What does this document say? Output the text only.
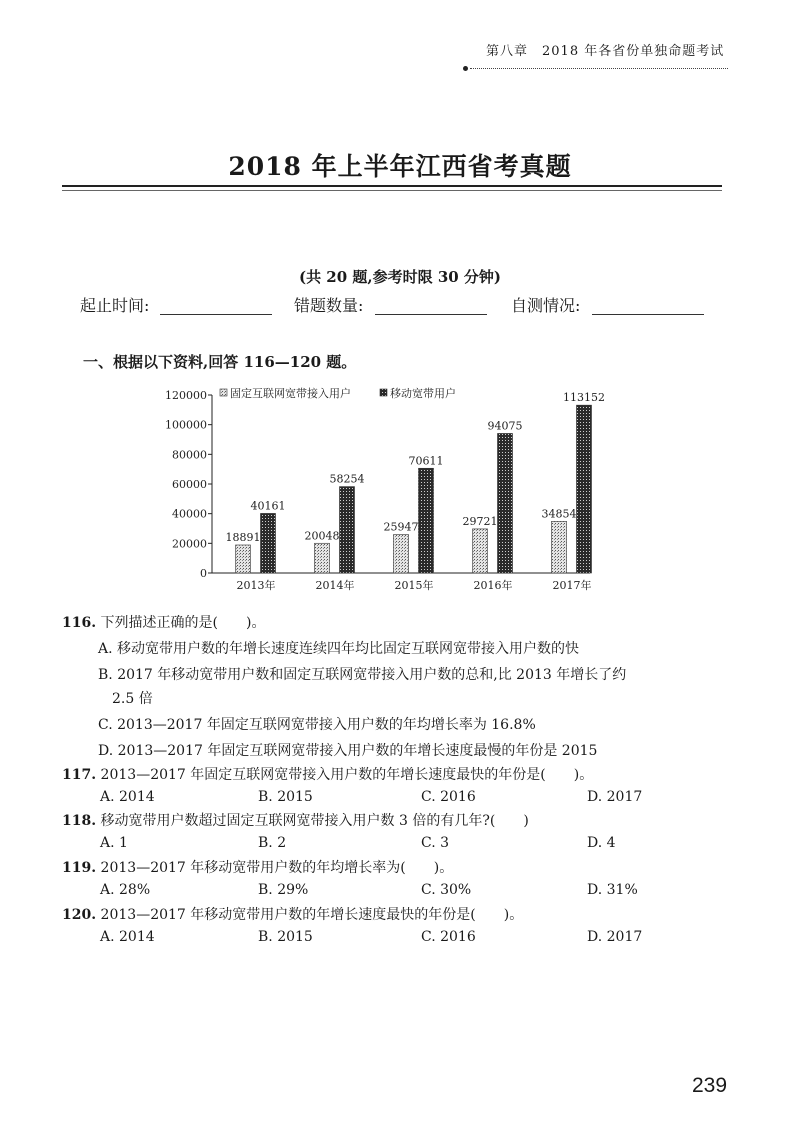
第八章　2018 年各省份单独命题考试
2018 年上半年江西省考真题
(共 20 题,参考时限 30 分钟)
起止时间:	错题数量:	自测情况:
一、根据以下资料,回答 116—120 题。
0
20000
40000
60000
80000
100000
120000
18891
40161
2013年
20048
58254
2014年
25947
70611
2015年
29721
94075
2016年
34854
113152
2017年
固定互联网宽带接入用户	移动宽带用户
116. 下列描述正确的是(　　)。
A. 移动宽带用户数的年增长速度连续四年均比固定互联网宽带接入用户数的快
B. 2017 年移动宽带用户数和固定互联网宽带接入用户数的总和,比 2013 年增长了约
2.5 倍
C. 2013—2017 年固定互联网宽带接入用户数的年均增长率为 16.8%
D. 2013—2017 年固定互联网宽带接入用户数的年增长速度最慢的年份是 2015
117. 2013—2017 年固定互联网宽带接入用户数的年增长速度最快的年份是(　　)。
A. 2014	B. 2015	C. 2016	D. 2017
118. 移动宽带用户数超过固定互联网宽带接入用户数 3 倍的有几年?(　　)
A. 1	B. 2	C. 3	D. 4
119. 2013—2017 年移动宽带用户数的年均增长率为(　　)。
A. 28%	B. 29%	C. 30%	D. 31%
120. 2013—2017 年移动宽带用户数的年增长速度最快的年份是(　　)。
A. 2014	B. 2015	C. 2016	D. 2017
239
